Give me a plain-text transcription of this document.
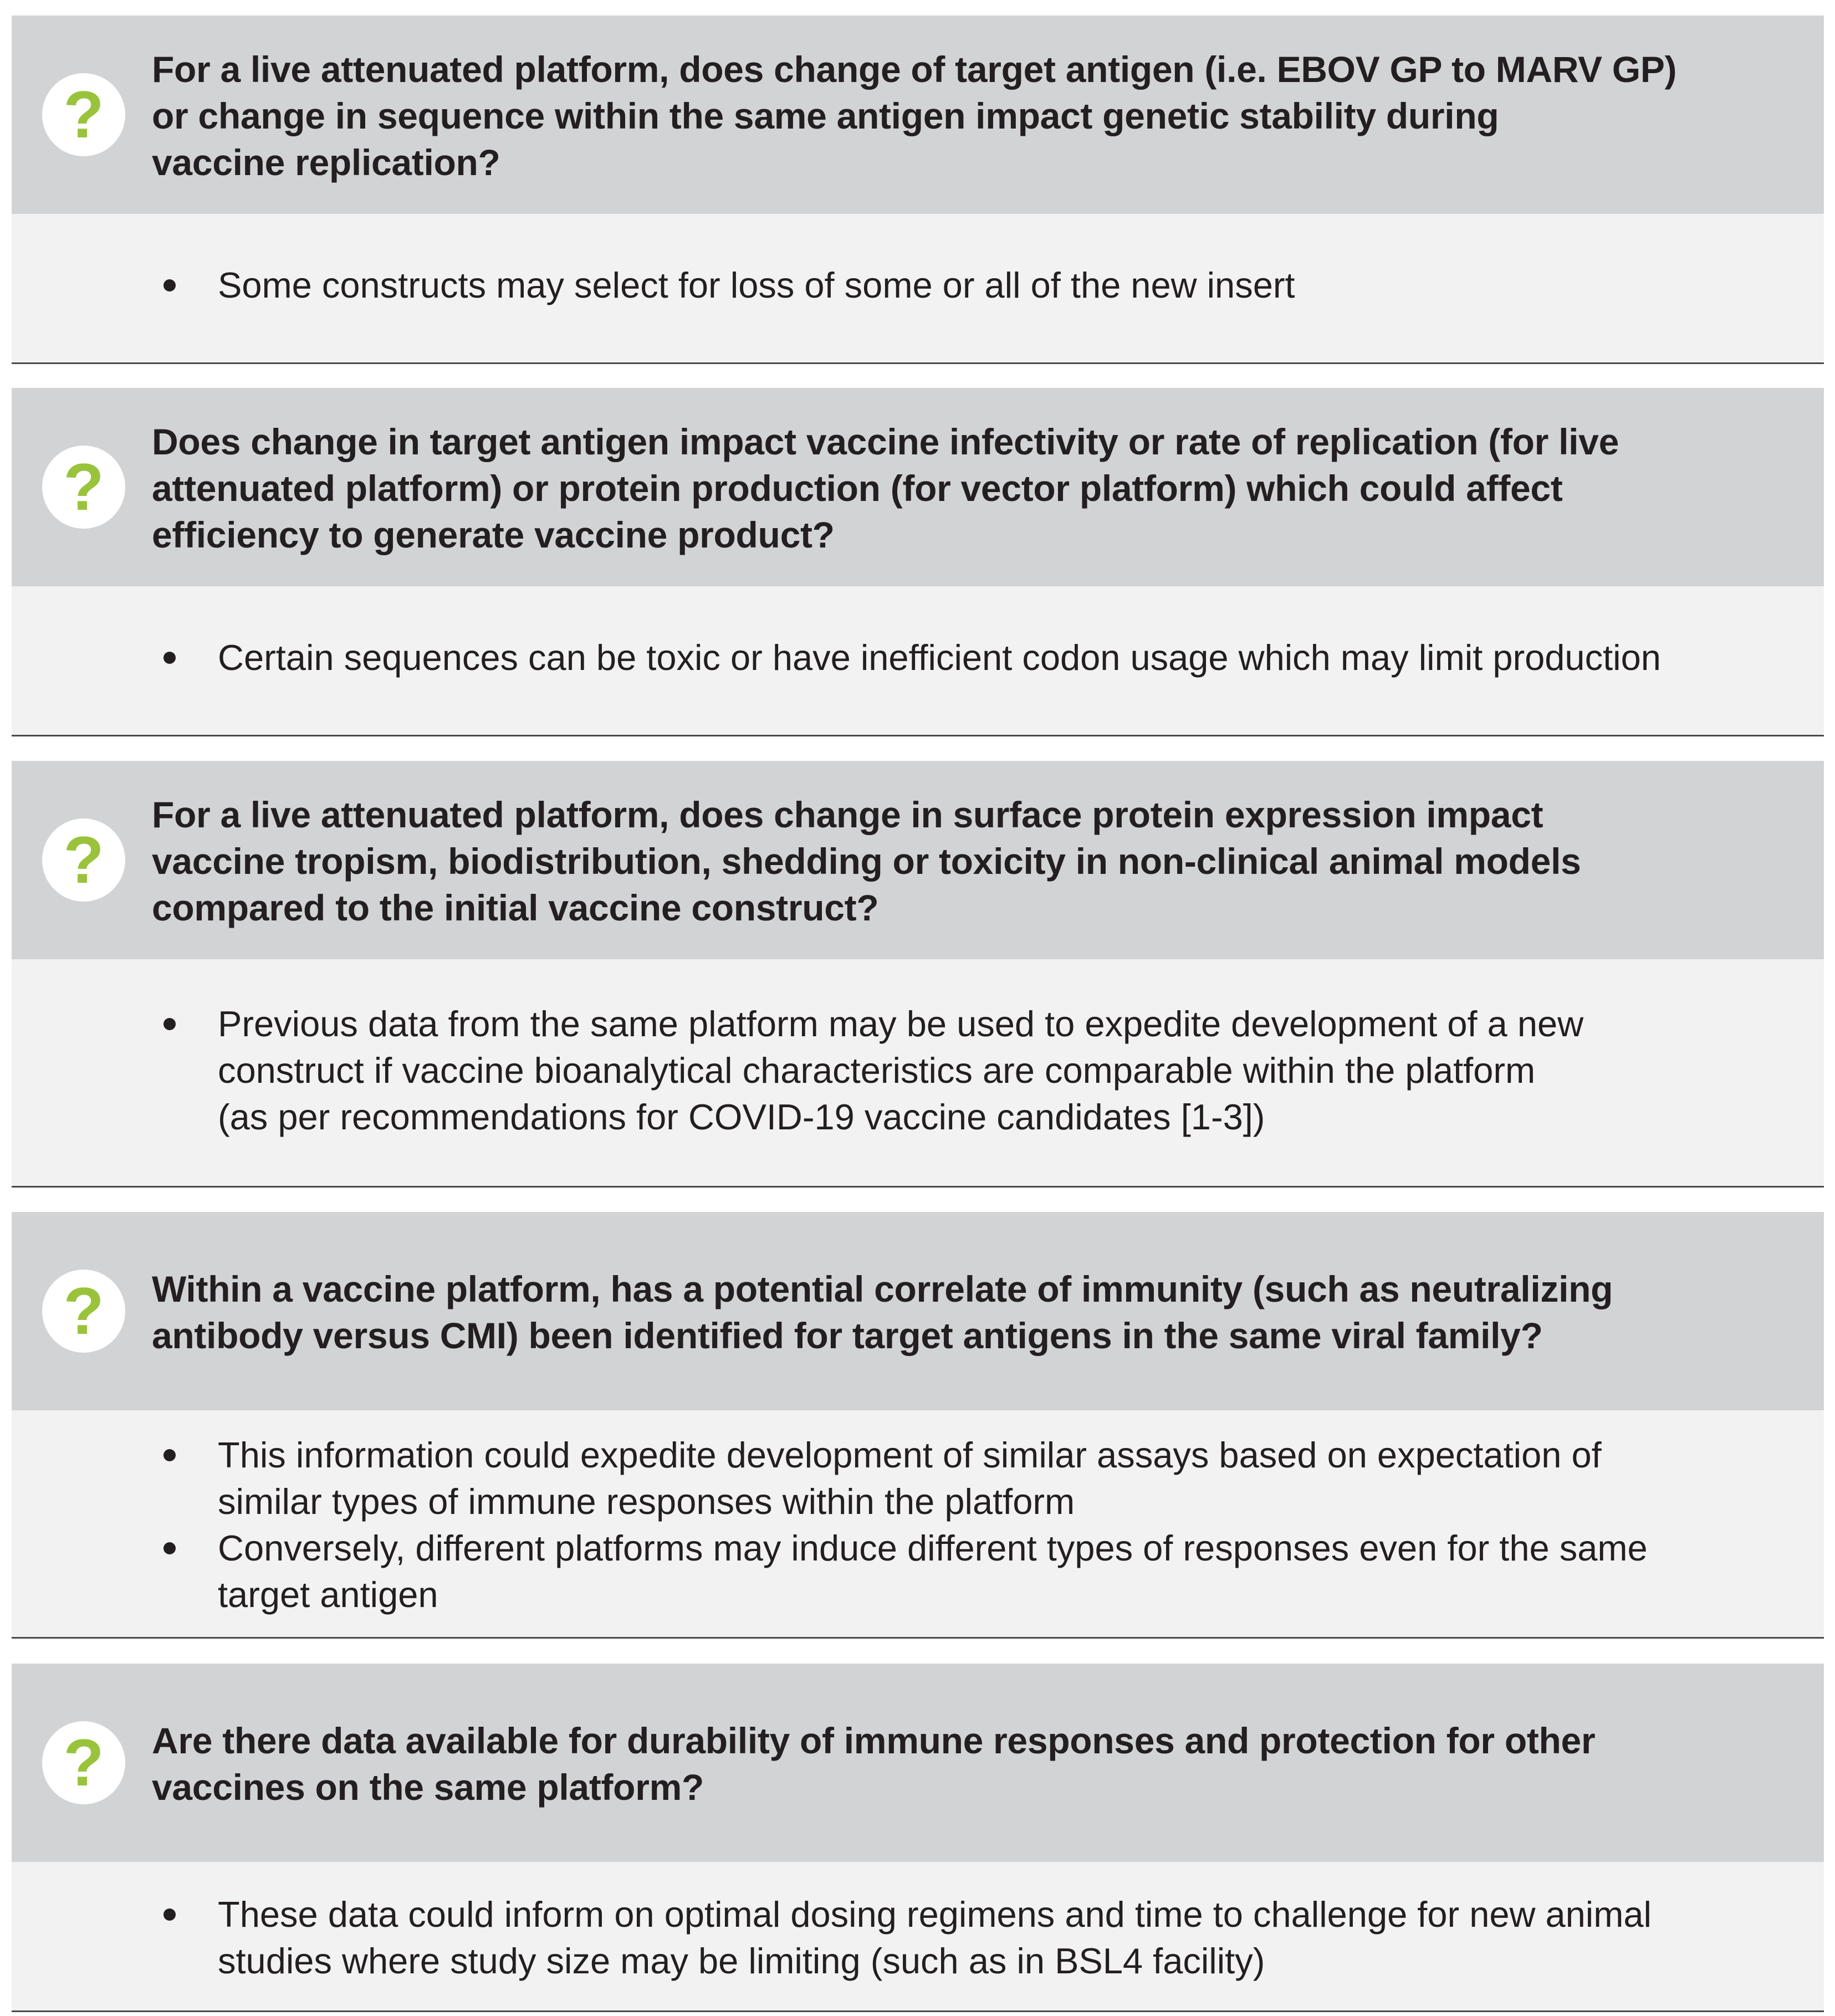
?
For a live attenuated platform, does change of target antigen (i.e. EBOV GP to MARV GP)
or change in sequence within the same antigen impact genetic stability during
vaccine replication?
Some constructs may select for loss of some or all of the new insert
?
Does change in target antigen impact vaccine infectivity or rate of replication (for live
attenuated platform) or protein production (for vector platform) which could affect
efficiency to generate vaccine product?
Certain sequences can be toxic or have inefficient codon usage which may limit production
?
For a live attenuated platform, does change in surface protein expression impact
vaccine tropism, biodistribution, shedding or toxicity in non-clinical animal models
compared to the initial vaccine construct?
Previous data from the same platform may be used to expedite development of a new
construct if vaccine bioanalytical characteristics are comparable within the platform
(as per recommendations for COVID-19 vaccine candidates [1-3])
? Within a vaccine platform, has a potential correlate of immunity (such as neutralizing
antibody versus CMI) been identified for target antigens in the same viral family?
This information could expedite development of similar assays based on expectation of
similar types of immune responses within the platform
Conversely, different platforms may induce different types of responses even for the same
target antigen
? Are there data available for durability of immune responses and protection for other
vaccines on the same platform?
These data could inform on optimal dosing regimens and time to challenge for new animal
studies where study size may be limiting (such as in BSL4 facility)
